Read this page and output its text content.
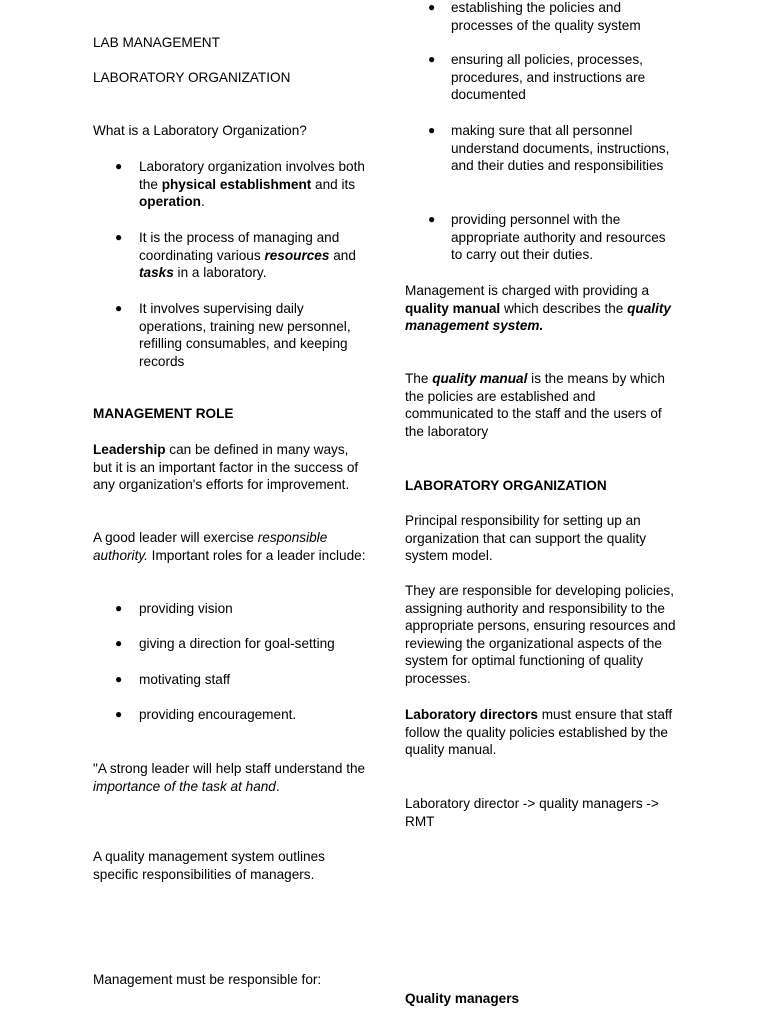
LAB MANAGEMENT

LABORATORY ORGANIZATION

What is a Laboratory Organization?

● Laboratory organization involves both the physical establishment and its operation.
● It is the process of managing and coordinating various resources and tasks in a laboratory.
● It involves supervising daily operations, training new personnel, refilling consumables, and keeping records

MANAGEMENT ROLE

Leadership can be defined in many ways, but it is an important factor in the success of any organization's efforts for improvement.

A good leader will exercise responsible authority. Important roles for a leader include:

● providing vision
● giving a direction for goal-setting
● motivating staff
● providing encouragement.

"A strong leader will help staff understand the importance of the task at hand.

A quality management system outlines specific responsibilities of managers.

Management must be responsible for:

● establishing the policies and processes of the quality system
● ensuring all policies, processes, procedures, and instructions are documented
● making sure that all personnel understand documents, instructions, and their duties and responsibilities
● providing personnel with the appropriate authority and resources to carry out their duties.

Management is charged with providing a quality manual which describes the quality management system.

The quality manual is the means by which the policies are established and communicated to the staff and the users of the laboratory

LABORATORY ORGANIZATION

Principal responsibility for setting up an organization that can support the quality system model.

They are responsible for developing policies, assigning authority and responsibility to the appropriate persons, ensuring resources and reviewing the organizational aspects of the system for optimal functioning of quality processes.

Laboratory directors must ensure that staff follow the quality policies established by the quality manual.

Laboratory director -> quality managers -> RMT

Quality managers
